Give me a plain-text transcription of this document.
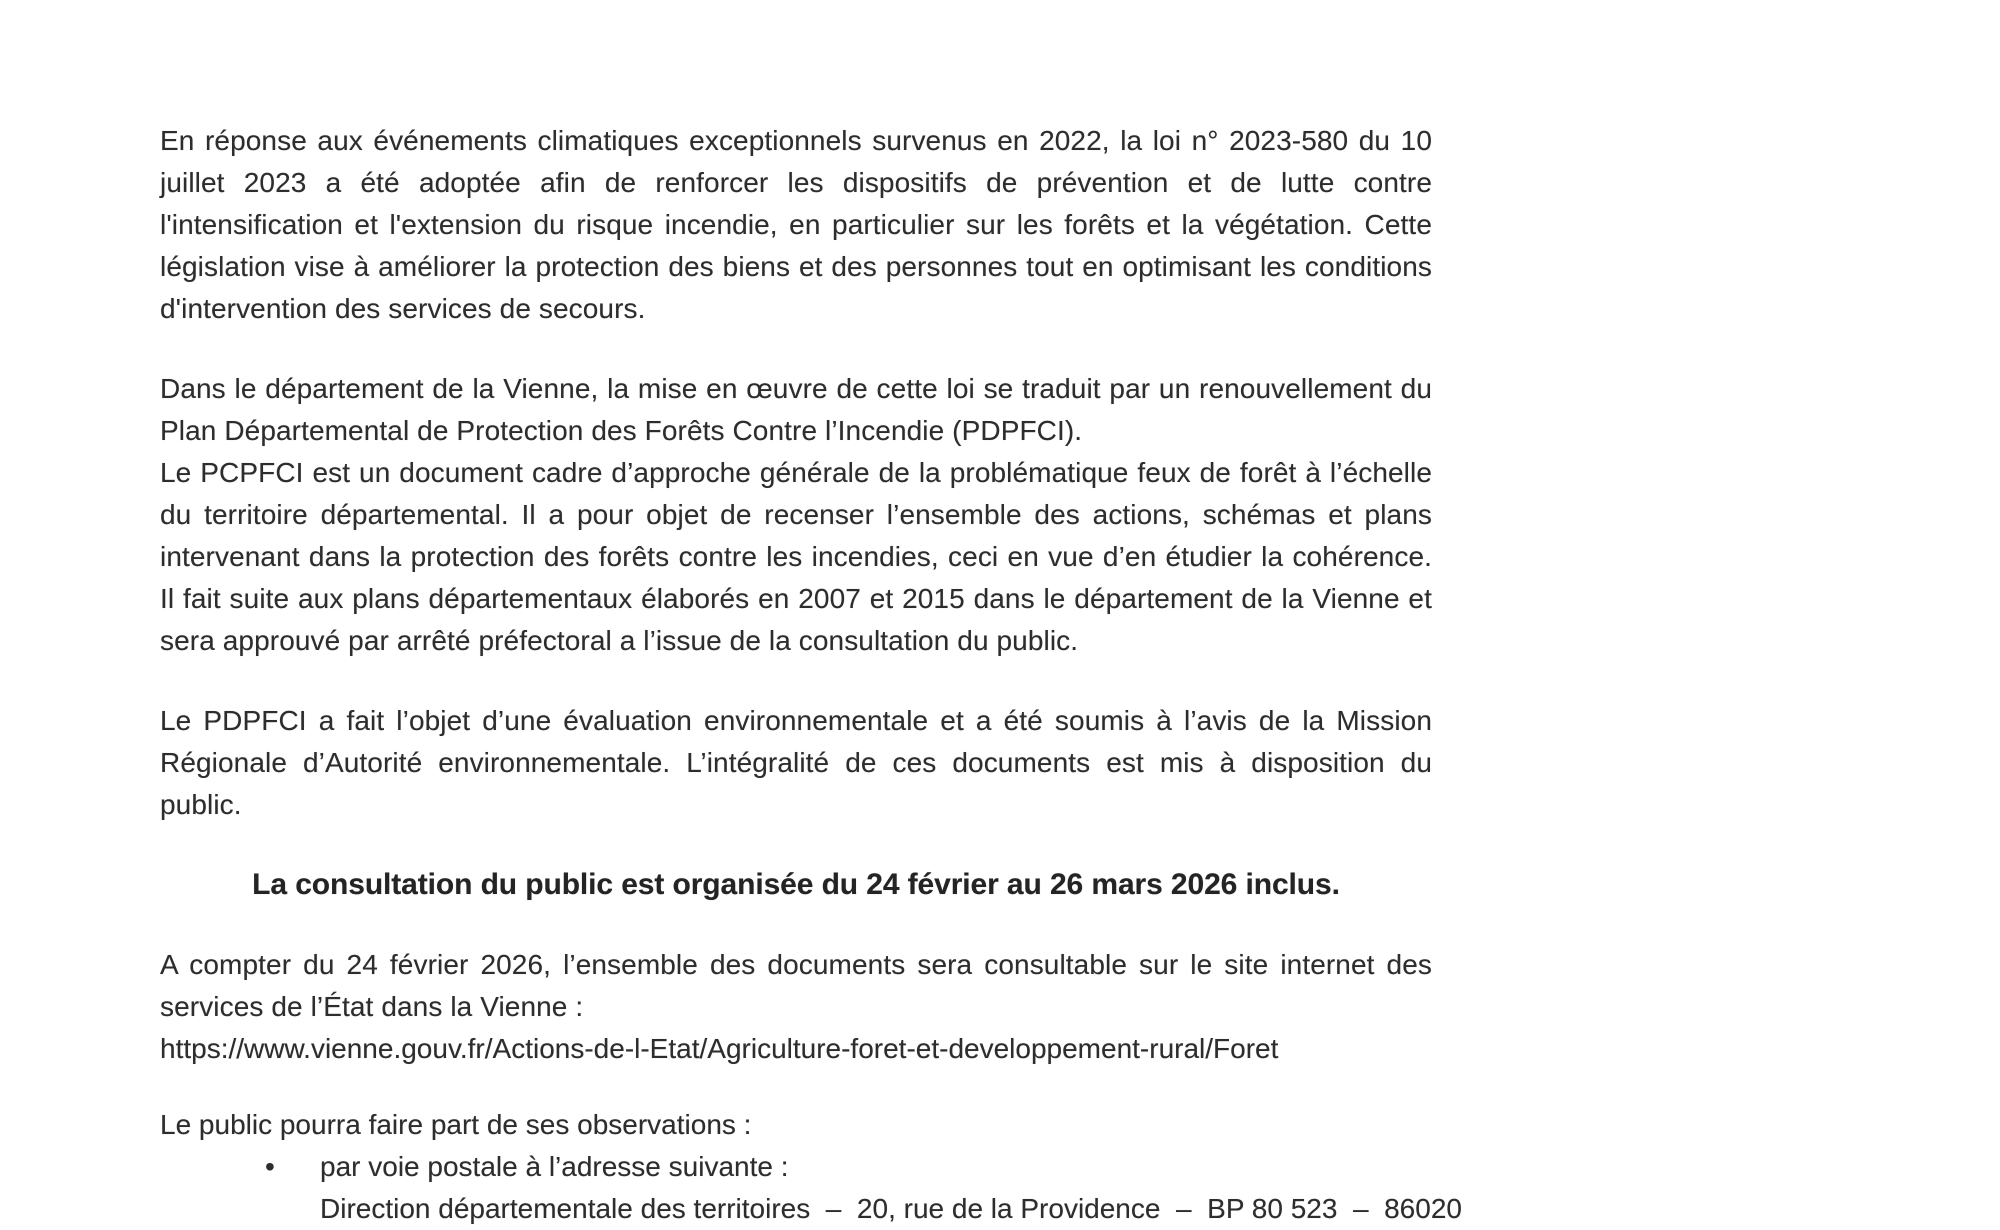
En réponse aux événements climatiques exceptionnels survenus en 2022, la loi n° 2023-580 du 10 juillet 2023 a été adoptée afin de renforcer les dispositifs de prévention et de lutte contre l'intensification et l'extension du risque incendie, en particulier sur les forêts et la végétation. Cette législation vise à améliorer la protection des biens et des personnes tout en optimisant les conditions d'intervention des services de secours.

Dans le département de la Vienne, la mise en œuvre de cette loi se traduit par un renouvellement du Plan Départemental de Protection des Forêts Contre l’Incendie (PDPFCI).

Le PCPFCI est un document cadre d’approche générale de la problématique feux de forêt à l’échelle du territoire départemental. Il a pour objet de recenser l’ensemble des actions, schémas et plans intervenant dans la protection des forêts contre les incendies, ceci en vue d’en étudier la cohérence. Il fait suite aux plans départementaux élaborés en 2007 et 2015 dans le département de la Vienne et sera approuvé par arrêté préfectoral a l’issue de la consultation du public.

Le PDPFCI a fait l’objet d’une évaluation environnementale et a été soumis à l’avis de la Mission Régionale d’Autorité environnementale. L’intégralité de ces documents est mis à disposition du public.

La consultation du public est organisée du 24 février au 26 mars 2026 inclus.

A compter du 24 février 2026, l’ensemble des documents sera consultable sur le site internet des services de l’État dans la Vienne :

https://www.vienne.gouv.fr/Actions-de-l-Etat/Agriculture-foret-et-developpement-rural/Foret

Le public pourra faire part de ses observations :

•	par voie postale à l’adresse suivante :

Direction départementale des territoires  –  20, rue de la Providence  –  BP 80 523  –  86020
